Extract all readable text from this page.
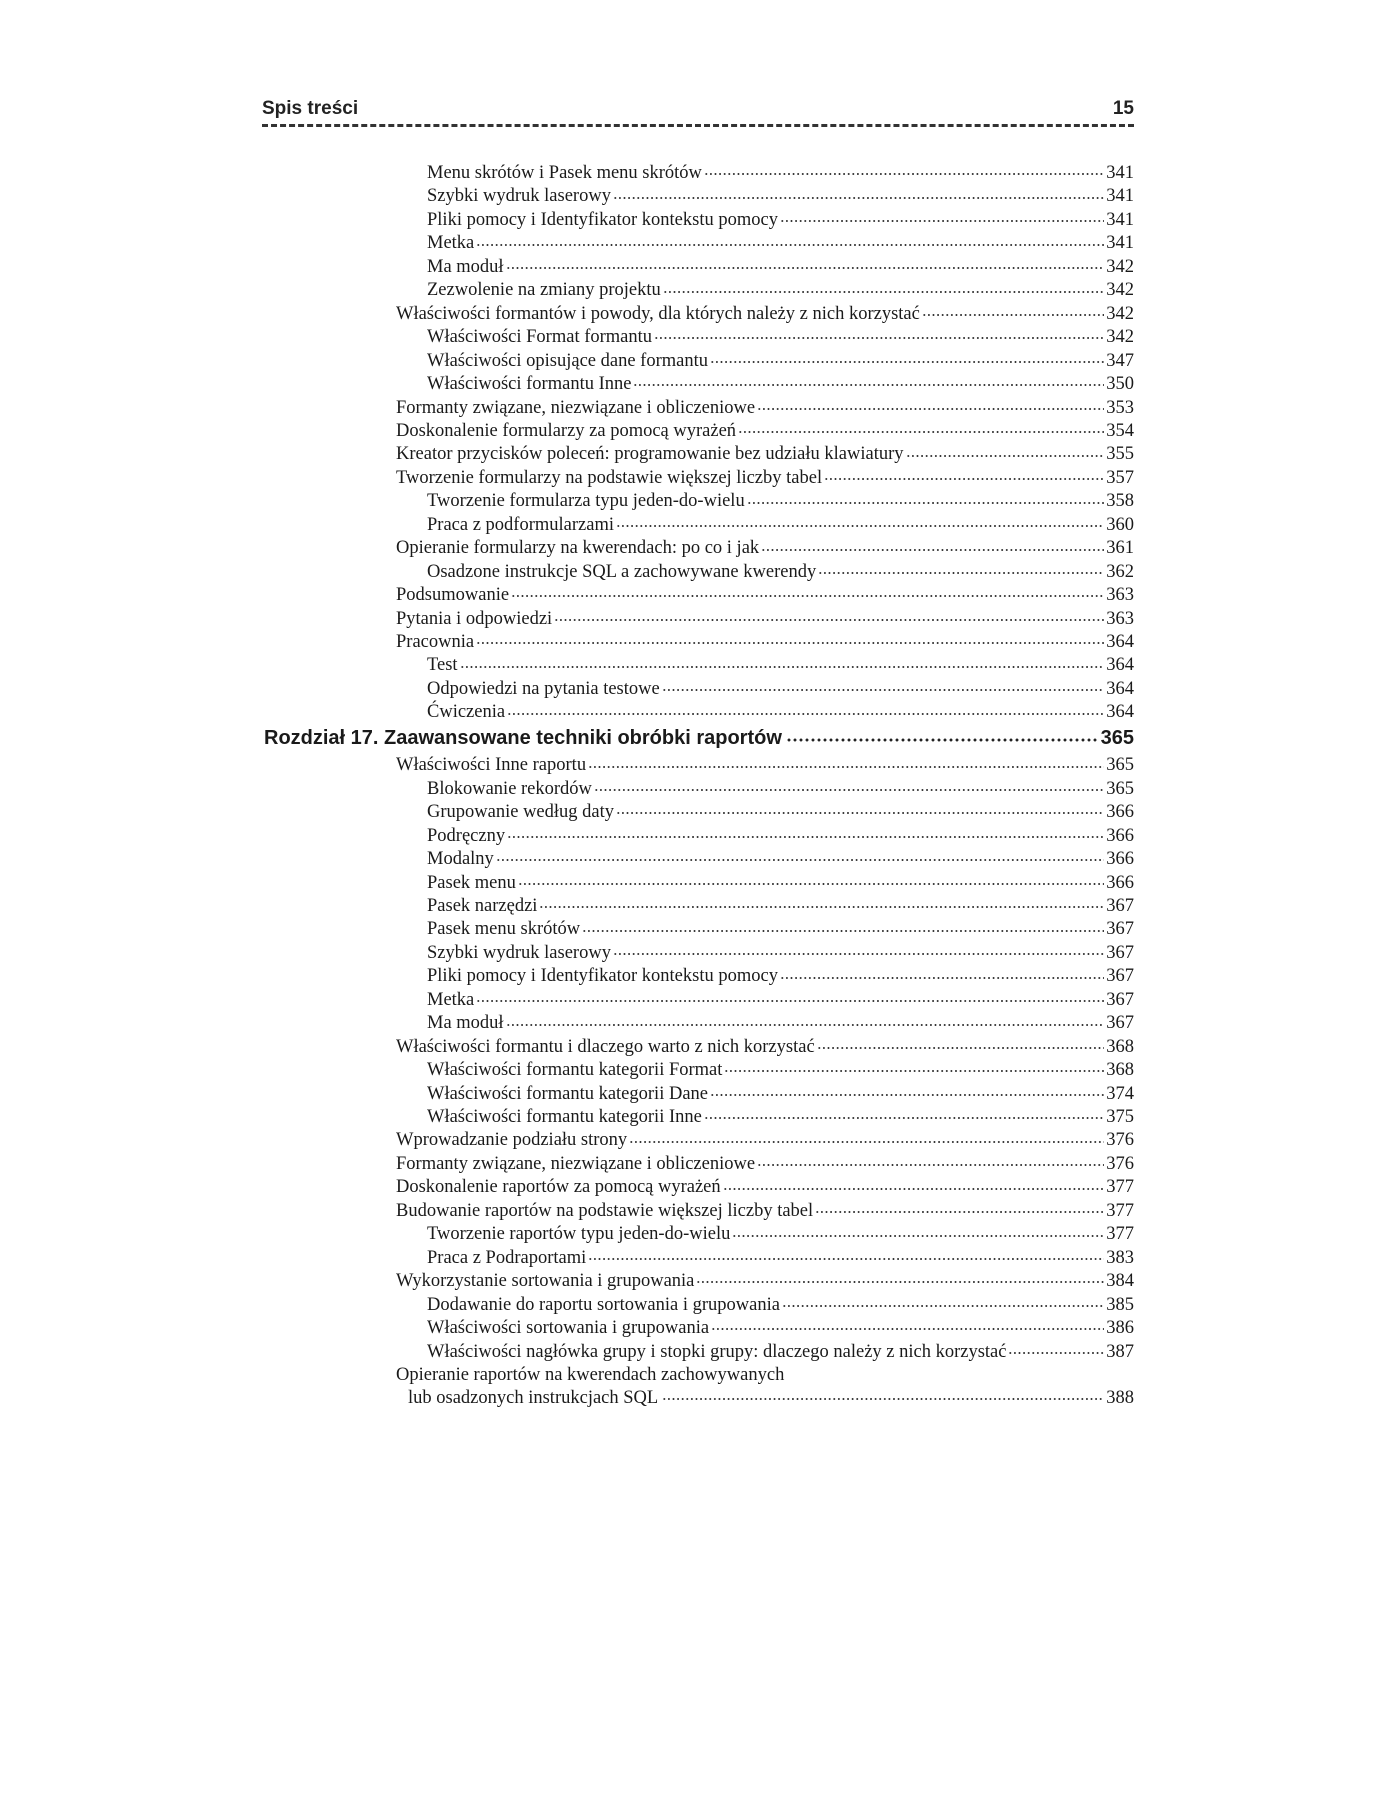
Spis treści	15
Menu skrótów i Pasek menu skrótów	341
Szybki wydruk laserowy	341
Pliki pomocy i Identyfikator kontekstu pomocy	341
Metka	341
Ma moduł	342
Zezwolenie na zmiany projektu	342
Właściwości formantów i powody, dla których należy z nich korzystać	342
Właściwości Format formantu	342
Właściwości opisujące dane formantu	347
Właściwości formantu Inne	350
Formanty związane, niezwiązane i obliczeniowe	353
Doskonalenie formularzy za pomocą wyrażeń	354
Kreator przycisków poleceń: programowanie bez udziału klawiatury	355
Tworzenie formularzy na podstawie większej liczby tabel	357
Tworzenie formularza typu jeden-do-wielu	358
Praca z podformularzami	360
Opieranie formularzy na kwerendach: po co i jak	361
Osadzone instrukcje SQL a zachowywane kwerendy	362
Podsumowanie	363
Pytania i odpowiedzi	363
Pracownia	364
Test	364
Odpowiedzi na pytania testowe	364
Ćwiczenia	364
Rozdział 17. Zaawansowane techniki obróbki raportów	365
Właściwości Inne raportu	365
Blokowanie rekordów	365
Grupowanie według daty	366
Podręczny	366
Modalny	366
Pasek menu	366
Pasek narzędzi	367
Pasek menu skrótów	367
Szybki wydruk laserowy	367
Pliki pomocy i Identyfikator kontekstu pomocy	367
Metka	367
Ma moduł	367
Właściwości formantu i dlaczego warto z nich korzystać	368
Właściwości formantu kategorii Format	368
Właściwości formantu kategorii Dane	374
Właściwości formantu kategorii Inne	375
Wprowadzanie podziału strony	376
Formanty związane, niezwiązane i obliczeniowe	376
Doskonalenie raportów za pomocą wyrażeń	377
Budowanie raportów na podstawie większej liczby tabel	377
Tworzenie raportów typu jeden-do-wielu	377
Praca z Podraportami	383
Wykorzystanie sortowania i grupowania	384
Dodawanie do raportu sortowania i grupowania	385
Właściwości sortowania i grupowania	386
Właściwości nagłówka grupy i stopki grupy: dlaczego należy z nich korzystać	387
Opieranie raportów na kwerendach zachowywanych
lub osadzonych instrukcjach SQL	388
